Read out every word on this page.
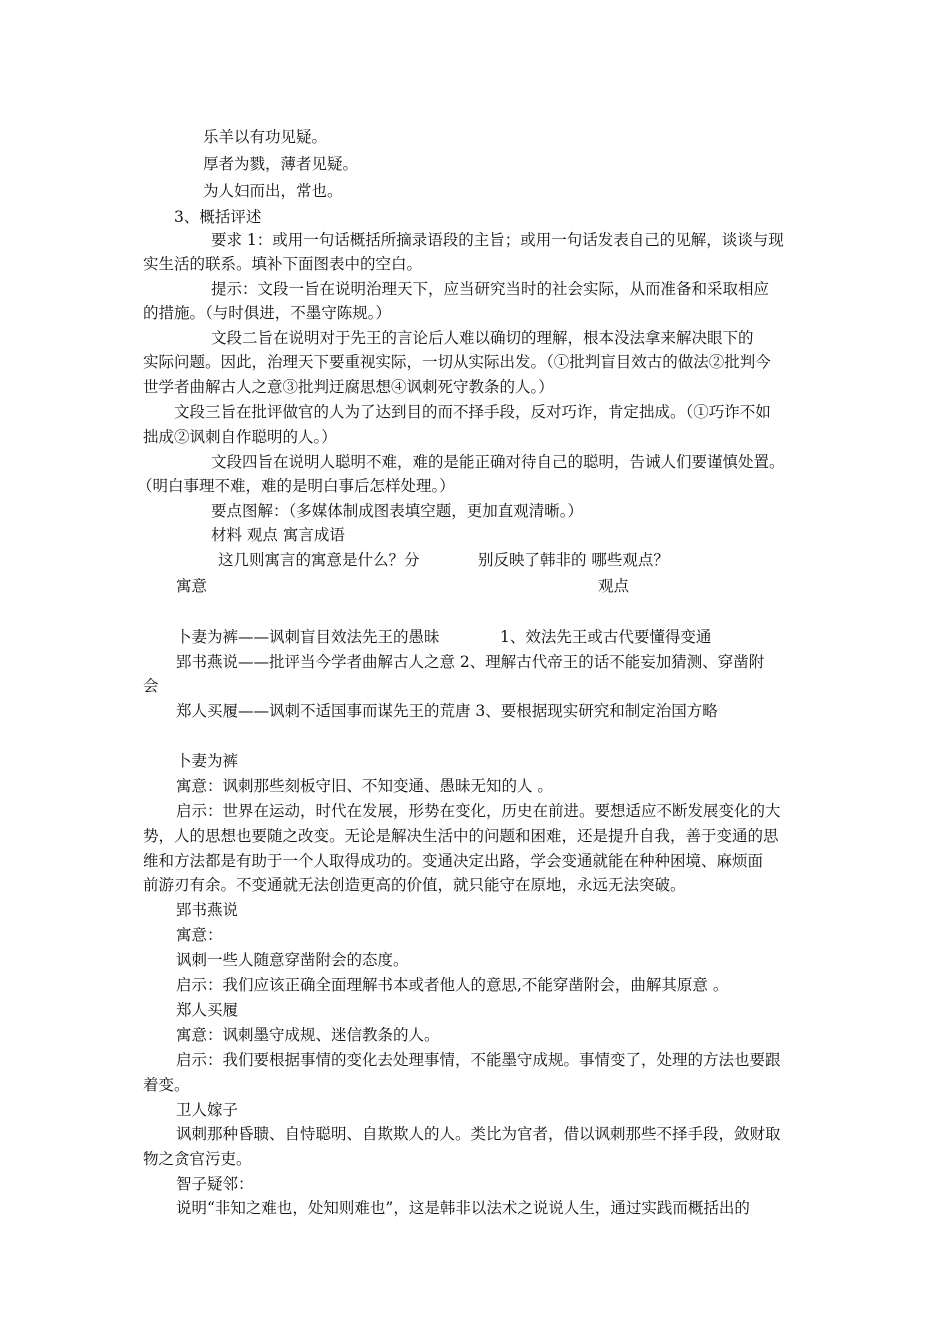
乐羊以有功见疑。
厚者为戮，薄者见疑。
为人妇而出，常也。
3、概括评述
要求 1：或用一句话概括所摘录语段的主旨；或用一句话发表自己的见解，谈谈与现
实生活的联系。填补下面图表中的空白。
提示：文段一旨在说明治理天下，应当研究当时的社会实际，从而准备和采取相应
的措施。（与时俱进，不墨守陈规。）
文段二旨在说明对于先王的言论后人难以确切的理解，根本没法拿来解决眼下的
实际问题。因此，治理天下要重视实际，一切从实际出发。（①批判盲目效古的做法②批判今
世学者曲解古人之意③批判迂腐思想④讽刺死守教条的人。）
文段三旨在批评做官的人为了达到目的而不择手段，反对巧诈，肯定拙成。（①巧诈不如
拙成②讽刺自作聪明的人。）
文段四旨在说明人聪明不难，难的是能正确对待自己的聪明，告诫人们要谨慎处置。
（明白事理不难，难的是明白事后怎样处理。）
要点图解：（多媒体制成图表填空题，更加直观清晰。）
材料 观点 寓言成语
这几则寓言的寓意是什么？分	别反映了韩非的 哪些观点？
寓意	观点
卜妻为裤——讽刺盲目效法先王的愚昧	1、效法先王或古代要懂得变通
郢书燕说——批评当今学者曲解古人之意 2、理解古代帝王的话不能妄加猜测、穿凿附
会
郑人买履——讽刺不适国事而谋先王的荒唐 3、要根据现实研究和制定治国方略
卜妻为裤
寓意：讽刺那些刻板守旧、不知变通、愚昧无知的人 。
启示：世界在运动，时代在发展，形势在变化，历史在前进。要想适应不断发展变化的大
势，人的思想也要随之改变。无论是解决生活中的问题和困难，还是提升自我，善于变通的思
维和方法都是有助于一个人取得成功的。变通决定出路，学会变通就能在种种困境、麻烦面
前游刃有余。不变通就无法创造更高的价值，就只能守在原地，永远无法突破。
郢书燕说
寓意：
讽刺一些人随意穿凿附会的态度。
启示：我们应该正确全面理解书本或者他人的意思,不能穿凿附会，曲解其原意 。
郑人买履
寓意：讽刺墨守成规、迷信教条的人。
启示：我们要根据事情的变化去处理事情，不能墨守成规。事情变了，处理的方法也要跟
着变。
卫人嫁子
讽刺那种昏聩、自恃聪明、自欺欺人的人。类比为官者，借以讽刺那些不择手段，敛财取
物之贪官污吏。
智子疑邻：
说明“非知之难也，处知则难也”，这是韩非以法术之说说人生，通过实践而概括出的
